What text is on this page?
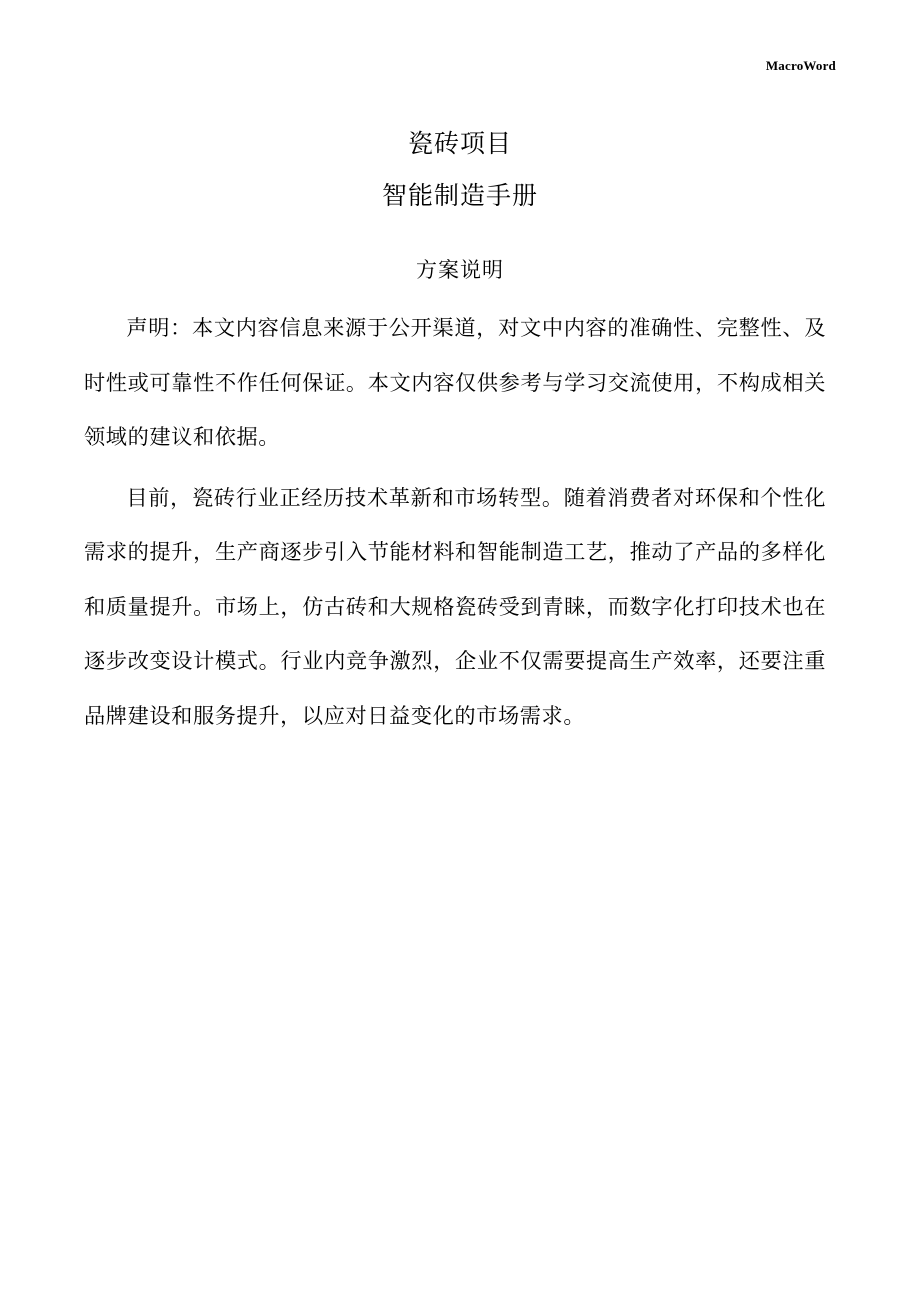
MacroWord
瓷砖项目
智能制造手册
方案说明

声明：本文内容信息来源于公开渠道，对文中内容的准确性、完整性、及时性或可靠性不作任何保证。本文内容仅供参考与学习交流使用，不构成相关领域的建议和依据。

目前，瓷砖行业正经历技术革新和市场转型。随着消费者对环保和个性化需求的提升，生产商逐步引入节能材料和智能制造工艺，推动了产品的多样化和质量提升。市场上，仿古砖和大规格瓷砖受到青睐，而数字化打印技术也在逐步改变设计模式。行业内竞争激烈，企业不仅需要提高生产效率，还要注重品牌建设和服务提升，以应对日益变化的市场需求。
